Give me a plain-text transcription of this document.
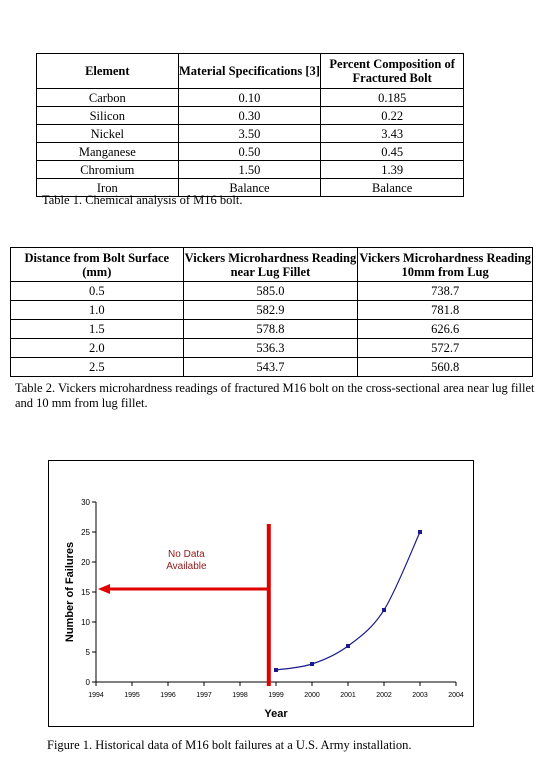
Element	Material Specifications [3]	Percent Composition of Fractured Bolt
Carbon	0.10	0.185
Silicon	0.30	0.22
Nickel	3.50	3.43
Manganese	0.50	0.45
Chromium	1.50	1.39
Iron	Balance	Balance
Table 1. Chemical analysis of M16 bolt.
Distance from Bolt Surface (mm)	Vickers Microhardness Reading near Lug Fillet	Vickers Microhardness Reading 10mm from Lug
0.5	585.0	738.7
1.0	582.9	781.8
1.5	578.8	626.6
2.0	536.3	572.7
2.5	543.7	560.8
Table 2. Vickers microhardness readings of fractured M16 bolt on the cross-sectional area near lug fillet and 10 mm from lug fillet.
0
5
10
15
20
25
30
1994	1995	1996	1997	1998	1999	2000	2001	2002	2003	2004
Year
Number of Failures	No Data
Available
Figure 1. Historical data of M16 bolt failures at a U.S. Army installation.
